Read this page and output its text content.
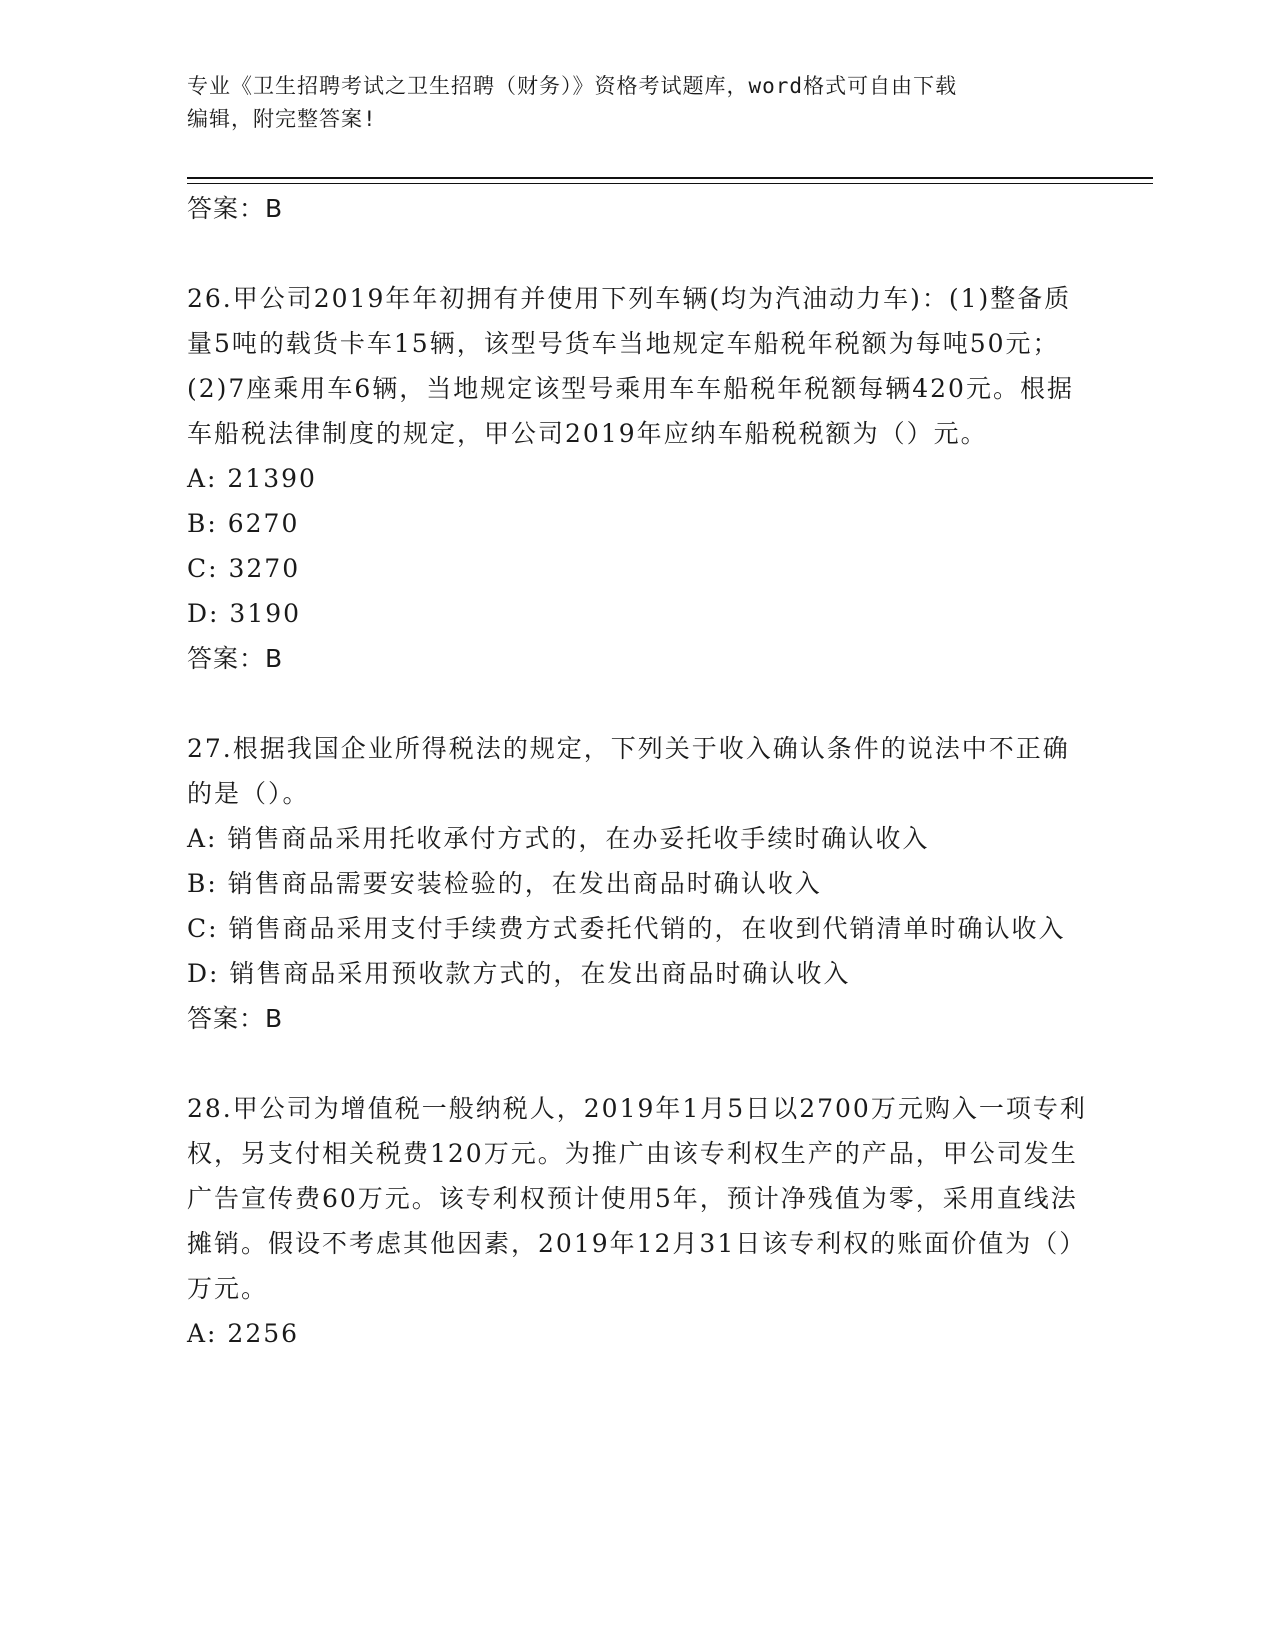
专业《卫生招聘考试之卫生招聘（财务）》资格考试题库，word格式可自由下载
编辑，附完整答案!
答案：B

26.甲公司2019年年初拥有并使用下列车辆(均为汽油动力车)：(1)整备质量5吨的载货卡车15辆，该型号货车当地规定车船税年税额为每吨50元；(2)7座乘用车6辆，当地规定该型号乘用车车船税年税额每辆420元。根据车船税法律制度的规定，甲公司2019年应纳车船税税额为（）元。

A: 21390
B: 6270
C: 3270
D: 3190
答案：B

27.根据我国企业所得税法的规定，下列关于收入确认条件的说法中不正确的是（）。

A: 销售商品采用托收承付方式的，在办妥托收手续时确认收入
B: 销售商品需要安装检验的，在发出商品时确认收入
C: 销售商品采用支付手续费方式委托代销的，在收到代销清单时确认收入
D: 销售商品采用预收款方式的，在发出商品时确认收入
答案：B

28.甲公司为增值税一般纳税人，2019年1月5日以2700万元购入一项专利权，另支付相关税费120万元。为推广由该专利权生产的产品，甲公司发生广告宣传费60万元。该专利权预计使用5年，预计净残值为零，采用直线法摊销。假设不考虑其他因素，2019年12月31日该专利权的账面价值为（）万元。

A: 2256
